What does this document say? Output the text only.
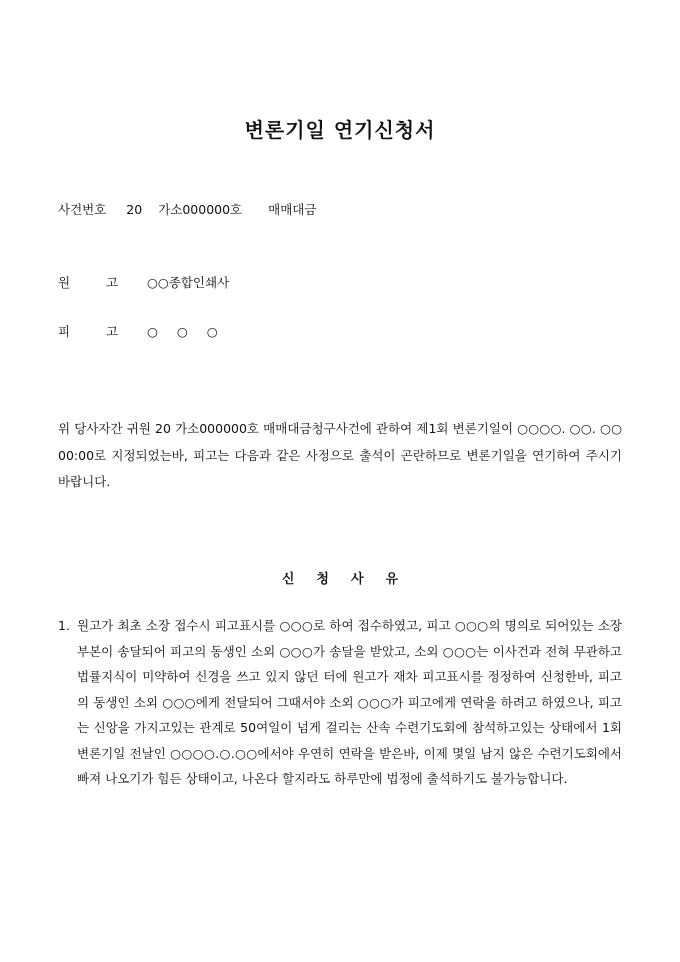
변론기일 연기신청서
사건번호 20 가소000000호 매매대금
원	고 ○○종합인쇄사
피	고 ○○○
위 당사자간 귀원 20 가소000000호 매매대금청구사건에 관하여 제1회 변론기일이 ○○○○. ○○. ○○ 00:00로 지정되었는바, 피고는 다음과 같은 사정으로 출석이 곤란하므로 변론기일을 연기하여 주시기 바랍니다.
신청사유
1. 원고가 최초 소장 접수시 피고표시를 ○○○로 하여 접수하였고, 피고 ○○○의 명의로 되어있는 소장 부본이 송달되어 피고의 동생인 소외 ○○○가 송달을 받았고, 소외 ○○○는 이사건과 전혀 무관하고 법률지식이 미약하여 신경을 쓰고 있지 않던 터에 원고가 재차 피고표시를 정정하여 신청한바, 피고의 동생인 소외 ○○○에게 전달되어 그때서야 소외 ○○○가 피고에게 연락을 하려고 하였으나, 피고는 신앙을 가지고있는 관계로 50여일이 넘게 걸리는 산속 수련기도회에 참석하고있는 상태에서 1회 변론기일 전날인 ○○○○.○.○○에서야 우연히 연락을 받은바, 이제 몇일 남지 않은 수련기도회에서 빠져 나오기가 힘든 상태이고, 나온다 할지라도 하루만에 법정에 출석하기도 불가능합니다.
